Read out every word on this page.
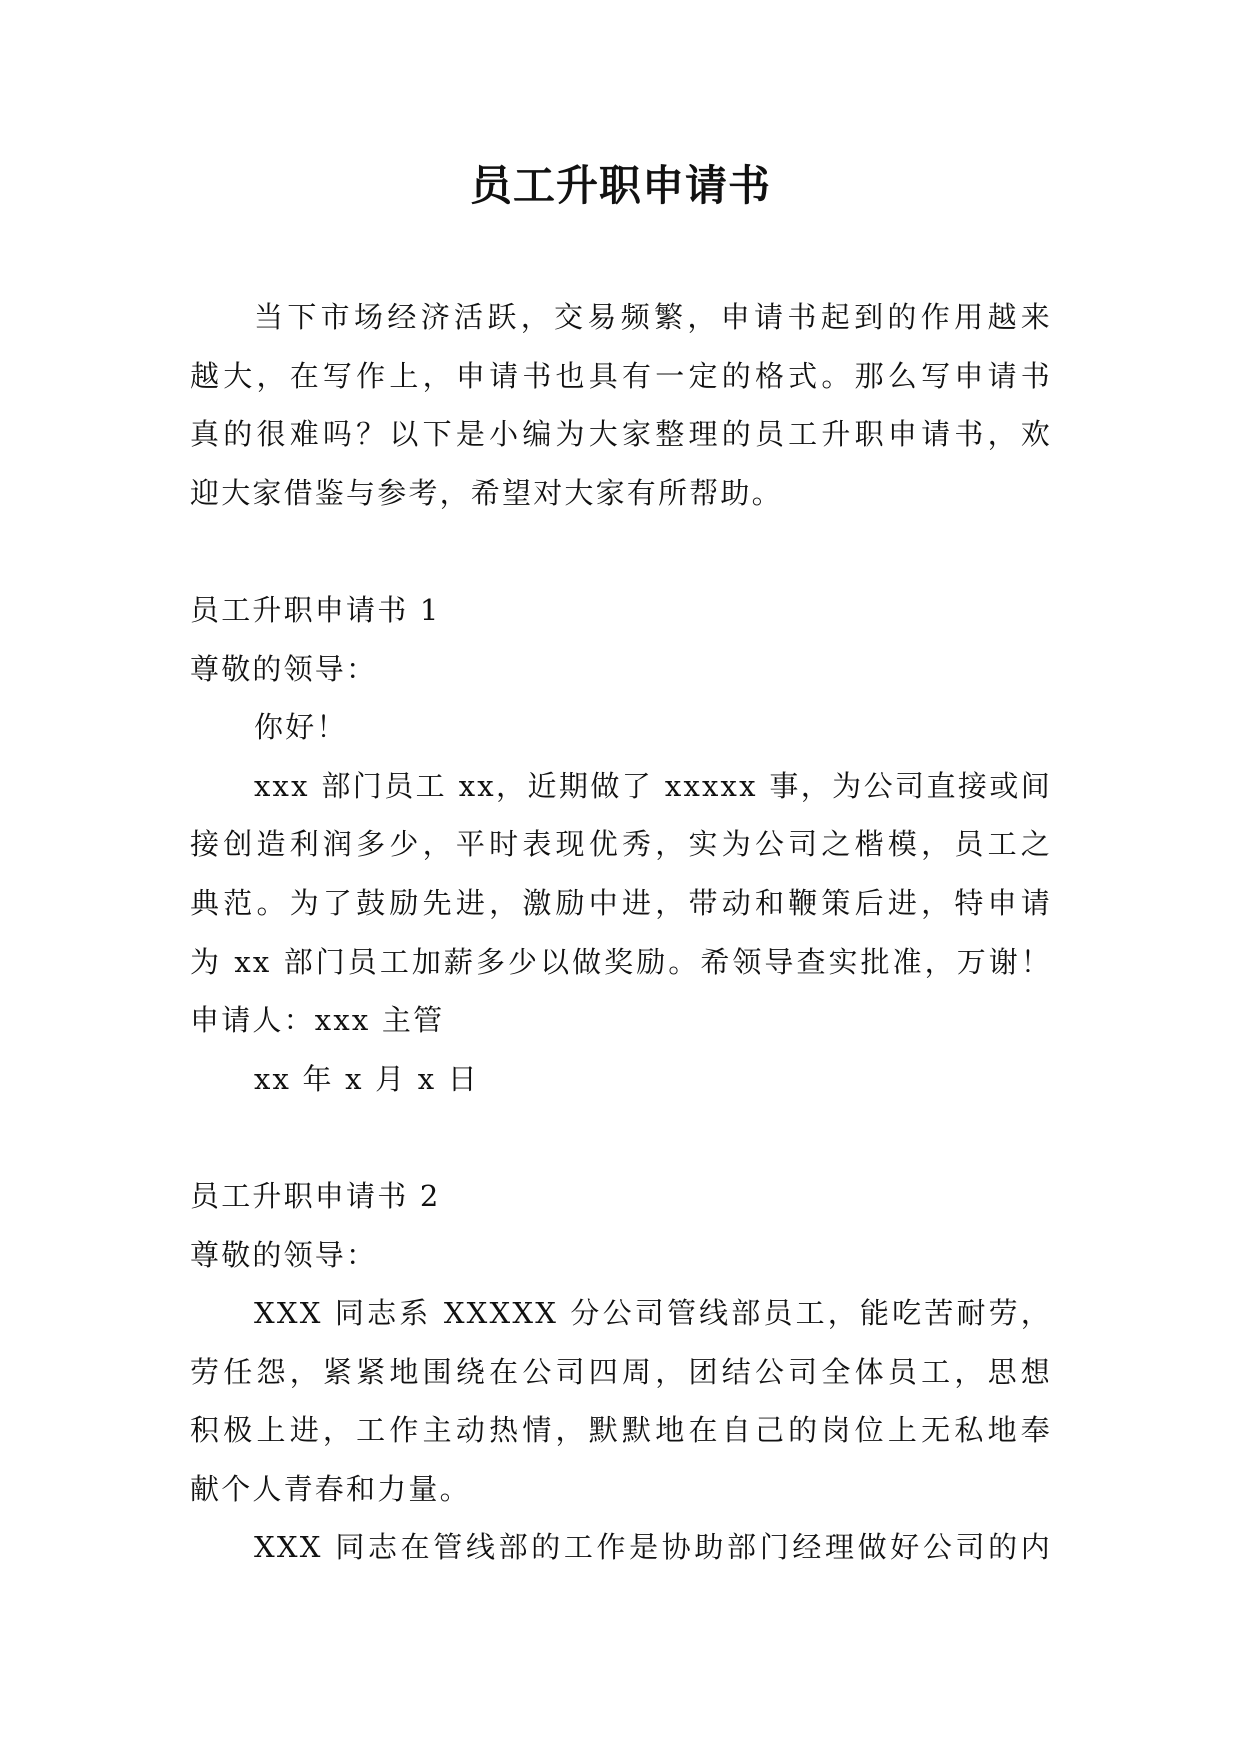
员工升职申请书
当下市场经济活跃，交易频繁，申请书起到的作用越来
越大，在写作上，申请书也具有一定的格式。那么写申请书
真的很难吗？以下是小编为大家整理的员工升职申请书，欢
迎大家借鉴与参考，希望对大家有所帮助。
员工升职申请书 1
尊敬的领导：
你好！
xxx 部门员工 xx，近期做了 xxxxx 事，为公司直接或间
接创造利润多少，平时表现优秀，实为公司之楷模，员工之
典范。为了鼓励先进，激励中进，带动和鞭策后进，特申请
为 xx 部门员工加薪多少以做奖励。希领导查实批准，万谢！
申请人：xxx 主管
xx 年 x 月 x 日
员工升职申请书 2
尊敬的领导：
XXX 同志系 XXXXX 分公司管线部员工，能吃苦耐劳，
劳任怨，紧紧地围绕在公司四周，团结公司全体员工，思想
积极上进，工作主动热情，默默地在自己的岗位上无私地奉
献个人青春和力量。
XXX 同志在管线部的工作是协助部门经理做好公司的内
